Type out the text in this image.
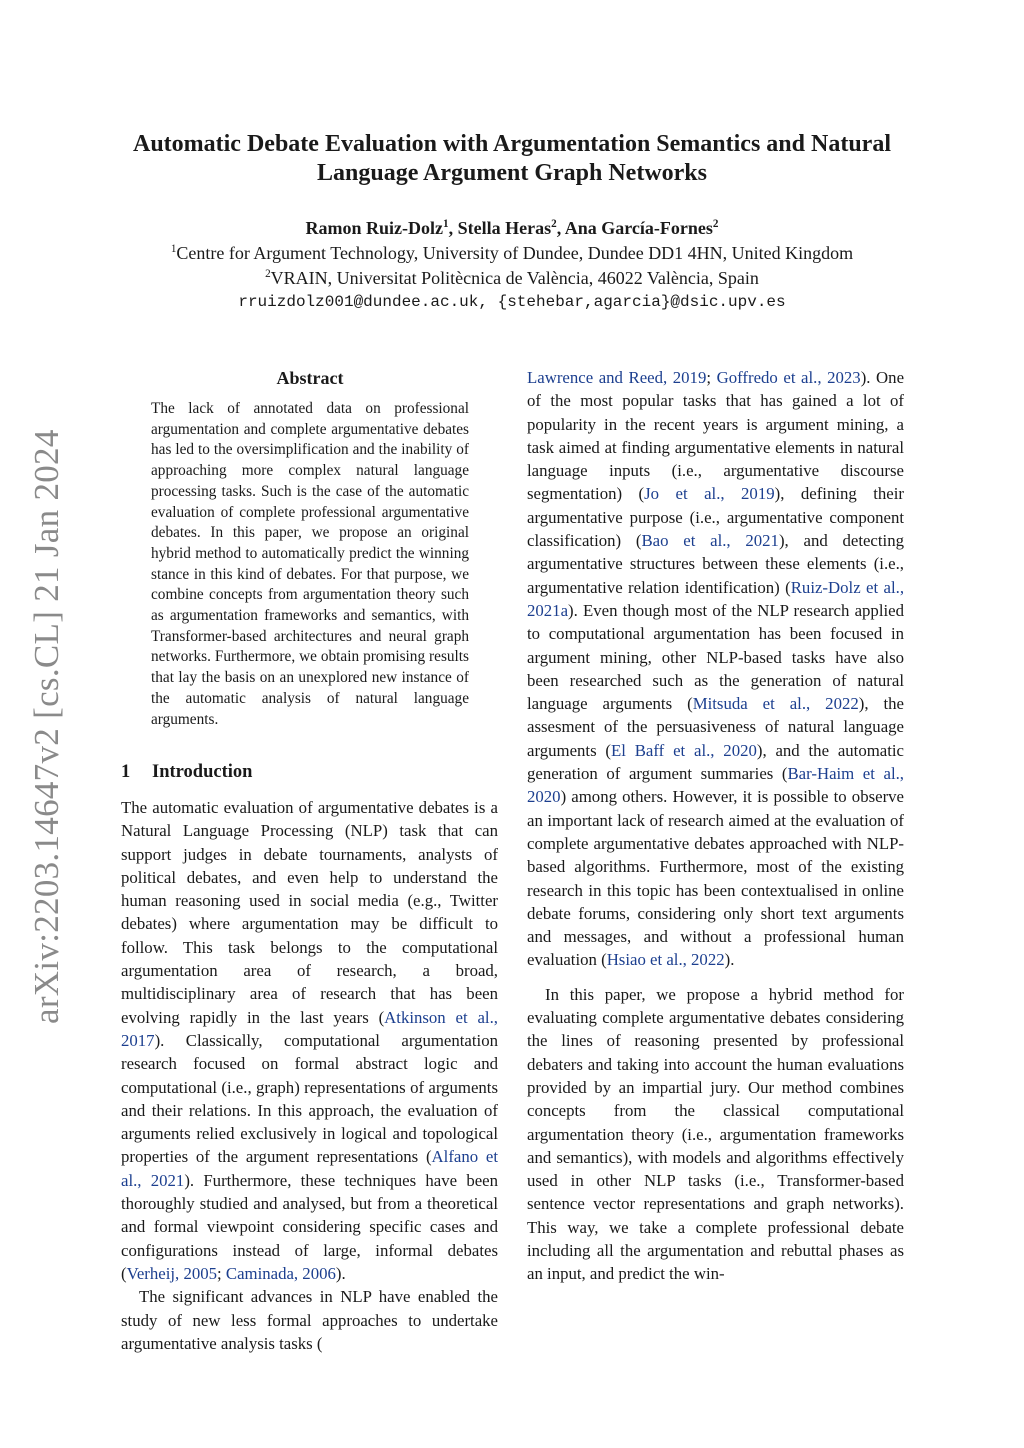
Automatic Debate Evaluation with Argumentation Semantics and Natural
Language Argument Graph Networks
Ramon Ruiz-Dolz$^1$, Stella Heras$^2$, Ana García-Fornes$^2$
$^1$Centre for Argument Technology, University of Dundee, Dundee DD1 4HN, United Kingdom
$^2$VRAIN, Universitat Politècnica de València, 46022 València, Spain
rruizdolz001@dundee.ac.uk, {stehebar,agarcia}@dsic.upv.es
arXiv:2203.14647v2 [cs.CL] 21 Jan 2024
Abstract
The lack of annotated data on professional argumentation and complete argumentative debates has led to the oversimplification and the inability of approaching more complex natural language processing tasks. Such is the case of the automatic evaluation of complete professional argumentative debates. In this paper, we propose an original hybrid method to automatically predict the winning stance in this kind of debates. For that purpose, we combine concepts from argumentation theory such as argumentation frameworks and semantics, with Transformer-based architectures and neural graph networks. Furthermore, we obtain promising results that lay the basis on an unexplored new instance of the automatic analysis of natural language arguments.
1 Introduction

The automatic evaluation of argumentative debates is a Natural Language Processing (NLP) task that can support judges in debate tournaments, analysts of political debates, and even help to understand the human reasoning used in social media (e.g., Twitter debates) where argumentation may be difficult to follow. This task belongs to the computational argumentation area of research, a broad, multidisciplinary area of research that has been evolving rapidly in the last years (Atkinson et al., 2017). Classically, computational argumentation research focused on formal abstract logic and computational (i.e., graph) representations of arguments and their relations. In this approach, the evaluation of arguments relied exclusively in logical and topological properties of the argument representations (Alfano et al., 2021). Furthermore, these techniques have been thoroughly studied and analysed, but from a theoretical and formal viewpoint considering specific cases and configurations instead of large, informal debates (Verheij, 2005; Caminada, 2006).

The significant advances in NLP have enabled the study of new less formal approaches to undertake argumentative analysis tasks (

Lawrence and Reed, 2019; Goffredo et al., 2023). One of the most popular tasks that has gained a lot of popularity in the recent years is argument mining, a task aimed at finding argumentative elements in natural language inputs (i.e., argumentative discourse segmentation) (Jo et al., 2019), defining their argumentative purpose (i.e., argumentative component classification) (Bao et al., 2021), and detecting argumentative structures between these elements (i.e., argumentative relation identification) (Ruiz-Dolz et al., 2021a). Even though most of the NLP research applied to computational argumentation has been focused in argument mining, other NLP-based tasks have also been researched such as the generation of natural language arguments (Mitsuda et al., 2022), the assesment of the persuasiveness of natural language arguments (El Baff et al., 2020), and the automatic generation of argument summaries (Bar-Haim et al., 2020) among others. However, it is possible to observe an important lack of research aimed at the evaluation of complete argumentative debates approached with NLP-based algorithms. Furthermore, most of the existing research in this topic has been contextualised in online debate forums, considering only short text arguments and messages, and without a professional human evaluation (Hsiao et al., 2022).

In this paper, we propose a hybrid method for evaluating complete argumentative debates considering the lines of reasoning presented by professional debaters and taking into account the human evaluations provided by an impartial jury. Our method combines concepts from the classical computational argumentation theory (i.e., argumentation frameworks and semantics), with models and algorithms effectively used in other NLP tasks (i.e., Transformer-based sentence vector representations and graph networks). This way, we take a complete professional debate including all the argumentation and rebuttal phases as an input, and predict the win-
